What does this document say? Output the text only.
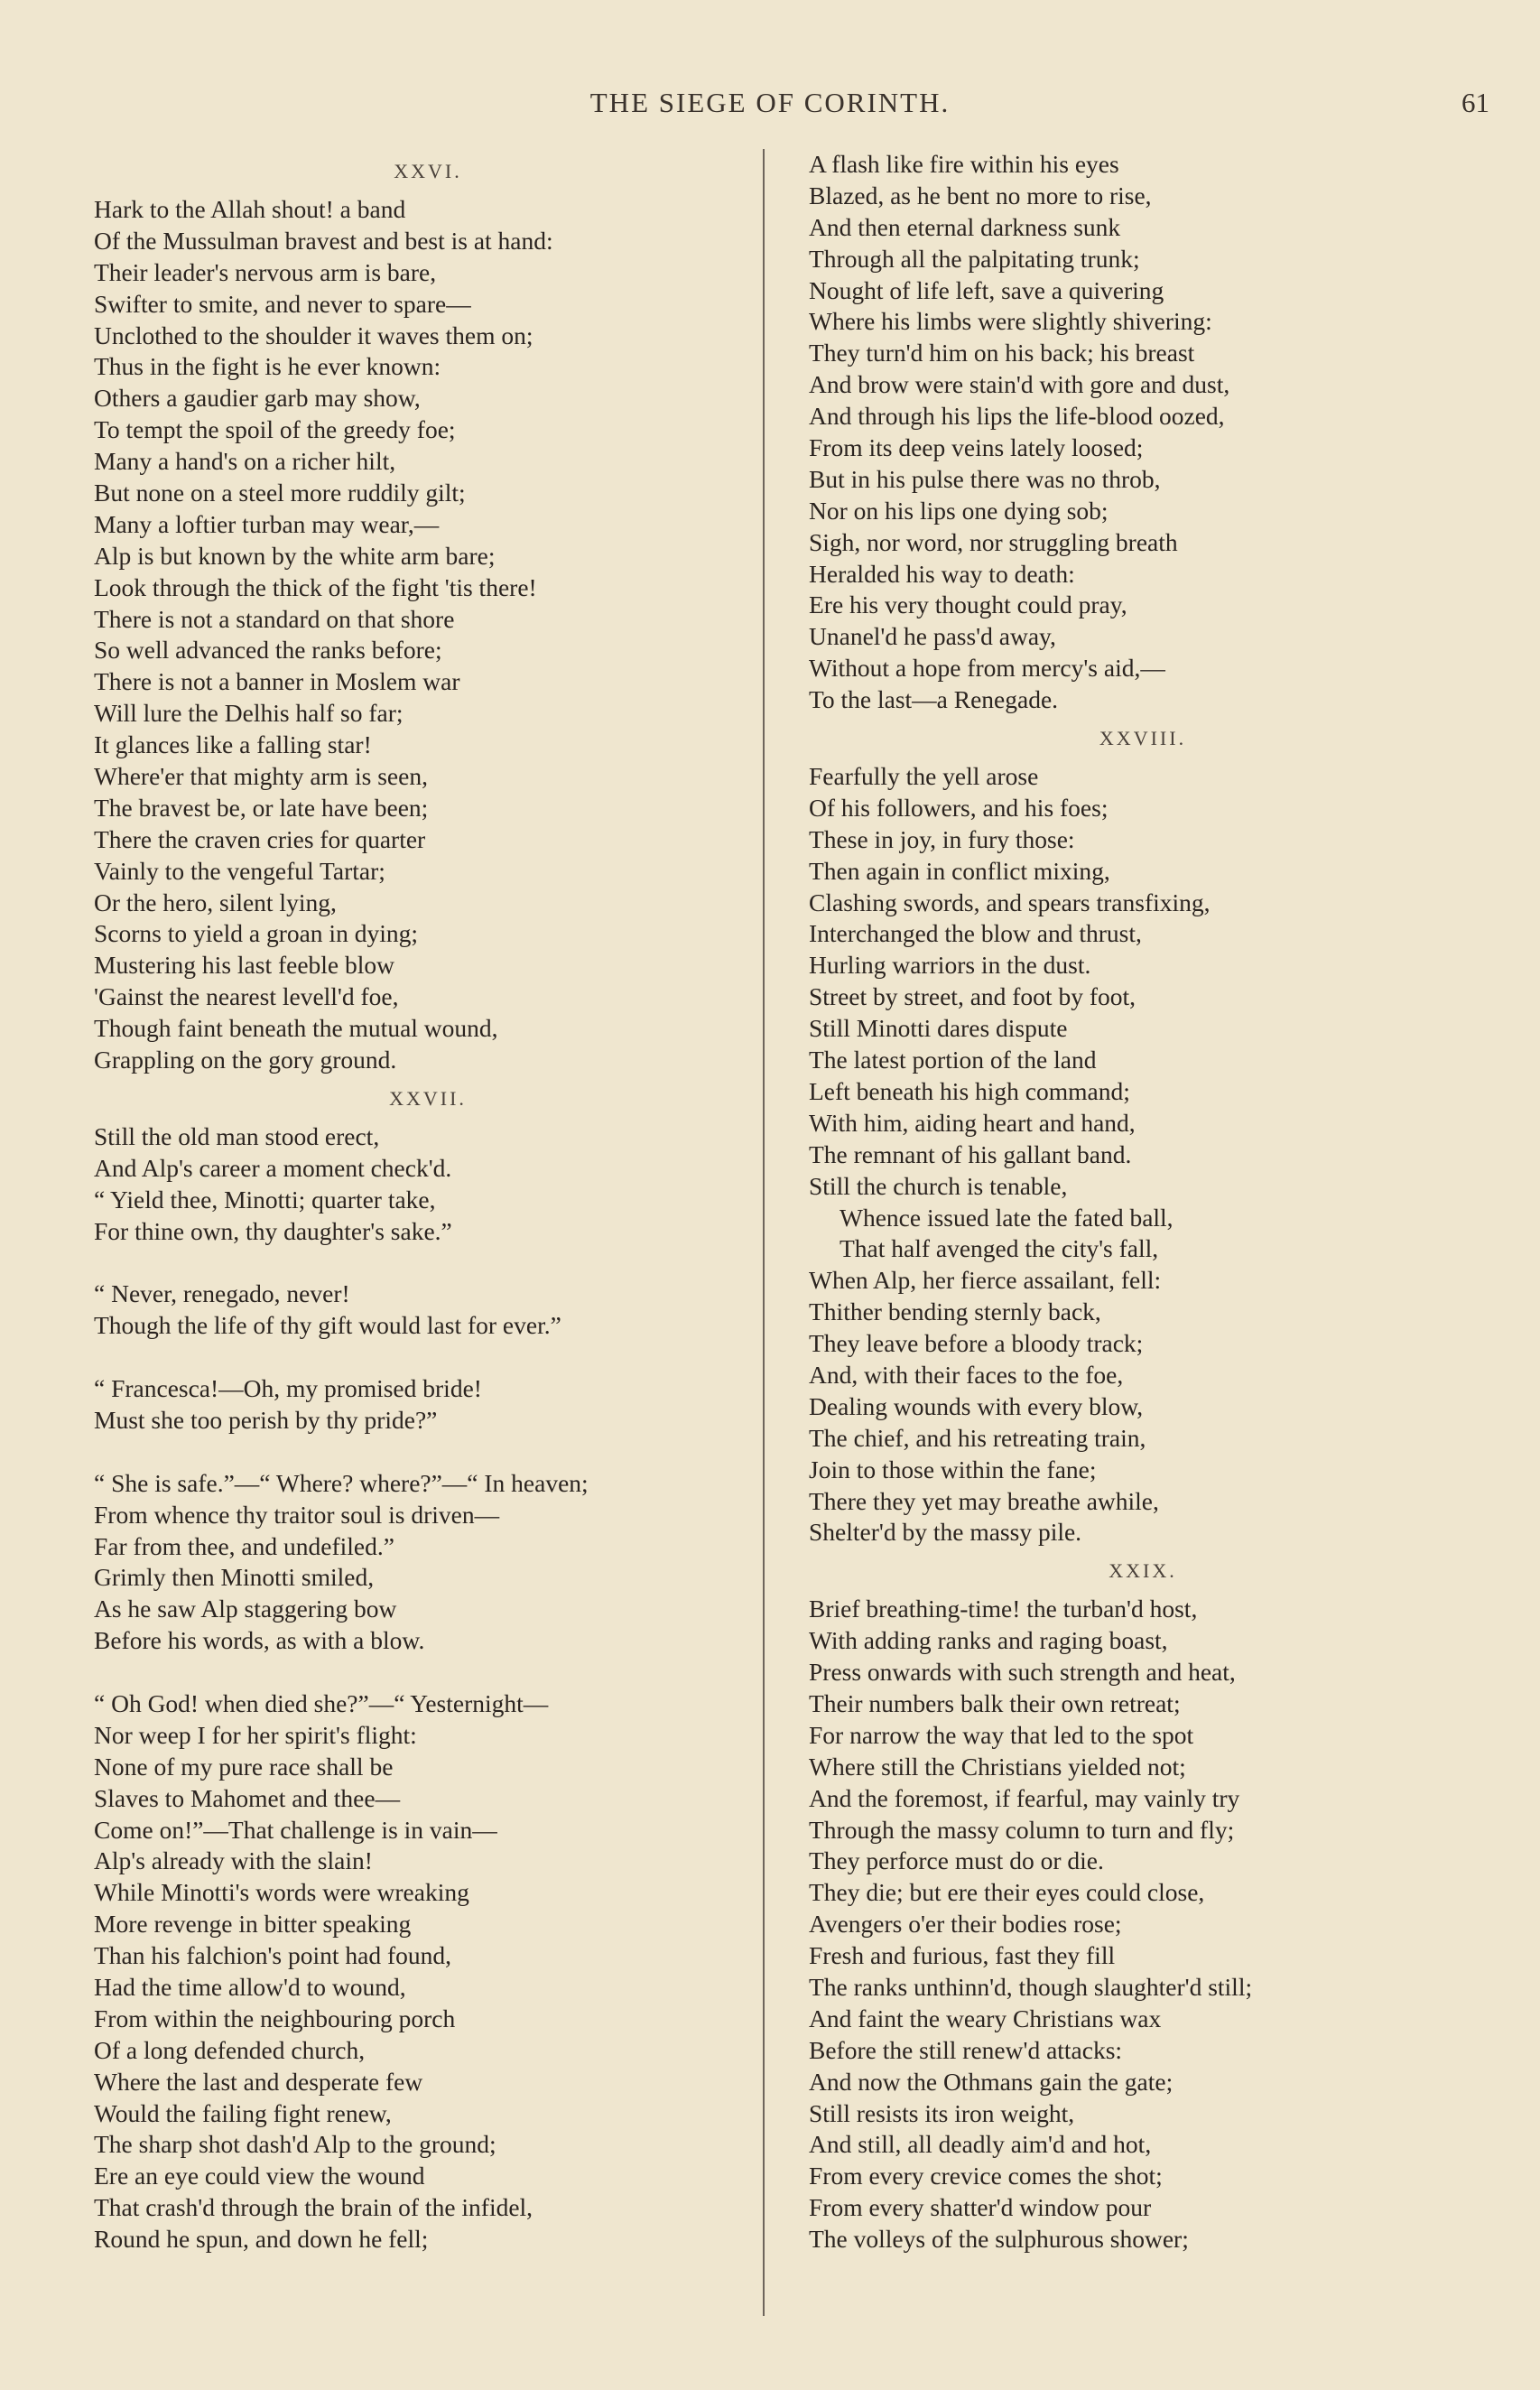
THE SIEGE OF CORINTH.	61
XXVI.
Hark to the Allah shout! a band
Of the Mussulman bravest and best is at hand:
Their leader's nervous arm is bare,
Swifter to smite, and never to spare—
Unclothed to the shoulder it waves them on;
Thus in the fight is he ever known:
Others a gaudier garb may show,
To tempt the spoil of the greedy foe;
Many a hand's on a richer hilt,
But none on a steel more ruddily gilt;
Many a loftier turban may wear,—
Alp is but known by the white arm bare;
Look through the thick of the fight 'tis there!
There is not a standard on that shore
So well advanced the ranks before;
There is not a banner in Moslem war
Will lure the Delhis half so far;
It glances like a falling star!
Where'er that mighty arm is seen,
The bravest be, or late have been;
There the craven cries for quarter
Vainly to the vengeful Tartar;
Or the hero, silent lying,
Scorns to yield a groan in dying;
Mustering his last feeble blow
'Gainst the nearest levell'd foe,
Though faint beneath the mutual wound,
Grappling on the gory ground.
XXVII.
Still the old man stood erect,
And Alp's career a moment check'd.
“ Yield thee, Minotti; quarter take,
For thine own, thy daughter's sake.”
“ Never, renegado, never!
Though the life of thy gift would last for ever.”
“ Francesca!—Oh, my promised bride!
Must she too perish by thy pride?”
“ She is safe.”—“ Where? where?”—“ In heaven;
From whence thy traitor soul is driven—
Far from thee, and undefiled.”
Grimly then Minotti smiled,
As he saw Alp staggering bow
Before his words, as with a blow.
“ Oh God! when died she?”—“ Yesternight—
Nor weep I for her spirit's flight:
None of my pure race shall be
Slaves to Mahomet and thee—
Come on!”—That challenge is in vain—
Alp's already with the slain!
While Minotti's words were wreaking
More revenge in bitter speaking
Than his falchion's point had found,
Had the time allow'd to wound,
From within the neighbouring porch
Of a long defended church,
Where the last and desperate few
Would the failing fight renew,
The sharp shot dash'd Alp to the ground;
Ere an eye could view the wound
That crash'd through the brain of the infidel,
Round he spun, and down he fell;
A flash like fire within his eyes
Blazed, as he bent no more to rise,
And then eternal darkness sunk
Through all the palpitating trunk;
Nought of life left, save a quivering
Where his limbs were slightly shivering:
They turn'd him on his back; his breast
And brow were stain'd with gore and dust,
And through his lips the life-blood oozed,
From its deep veins lately loosed;
But in his pulse there was no throb,
Nor on his lips one dying sob;
Sigh, nor word, nor struggling breath
Heralded his way to death:
Ere his very thought could pray,
Unanel'd he pass'd away,
Without a hope from mercy's aid,—
To the last—a Renegade.
XXVIII.
Fearfully the yell arose
Of his followers, and his foes;
These in joy, in fury those:
Then again in conflict mixing,
Clashing swords, and spears transfixing,
Interchanged the blow and thrust,
Hurling warriors in the dust.
Street by street, and foot by foot,
Still Minotti dares dispute
The latest portion of the land
Left beneath his high command;
With him, aiding heart and hand,
The remnant of his gallant band.
Still the church is tenable,
Whence issued late the fated ball,
That half avenged the city's fall,
When Alp, her fierce assailant, fell:
Thither bending sternly back,
They leave before a bloody track;
And, with their faces to the foe,
Dealing wounds with every blow,
The chief, and his retreating train,
Join to those within the fane;
There they yet may breathe awhile,
Shelter'd by the massy pile.
XXIX.
Brief breathing-time! the turban'd host,
With adding ranks and raging boast,
Press onwards with such strength and heat,
Their numbers balk their own retreat;
For narrow the way that led to the spot
Where still the Christians yielded not;
And the foremost, if fearful, may vainly try
Through the massy column to turn and fly;
They perforce must do or die.
They die; but ere their eyes could close,
Avengers o'er their bodies rose;
Fresh and furious, fast they fill
The ranks unthinn'd, though slaughter'd still;
And faint the weary Christians wax
Before the still renew'd attacks:
And now the Othmans gain the gate;
Still resists its iron weight,
And still, all deadly aim'd and hot,
From every crevice comes the shot;
From every shatter'd window pour
The volleys of the sulphurous shower;
